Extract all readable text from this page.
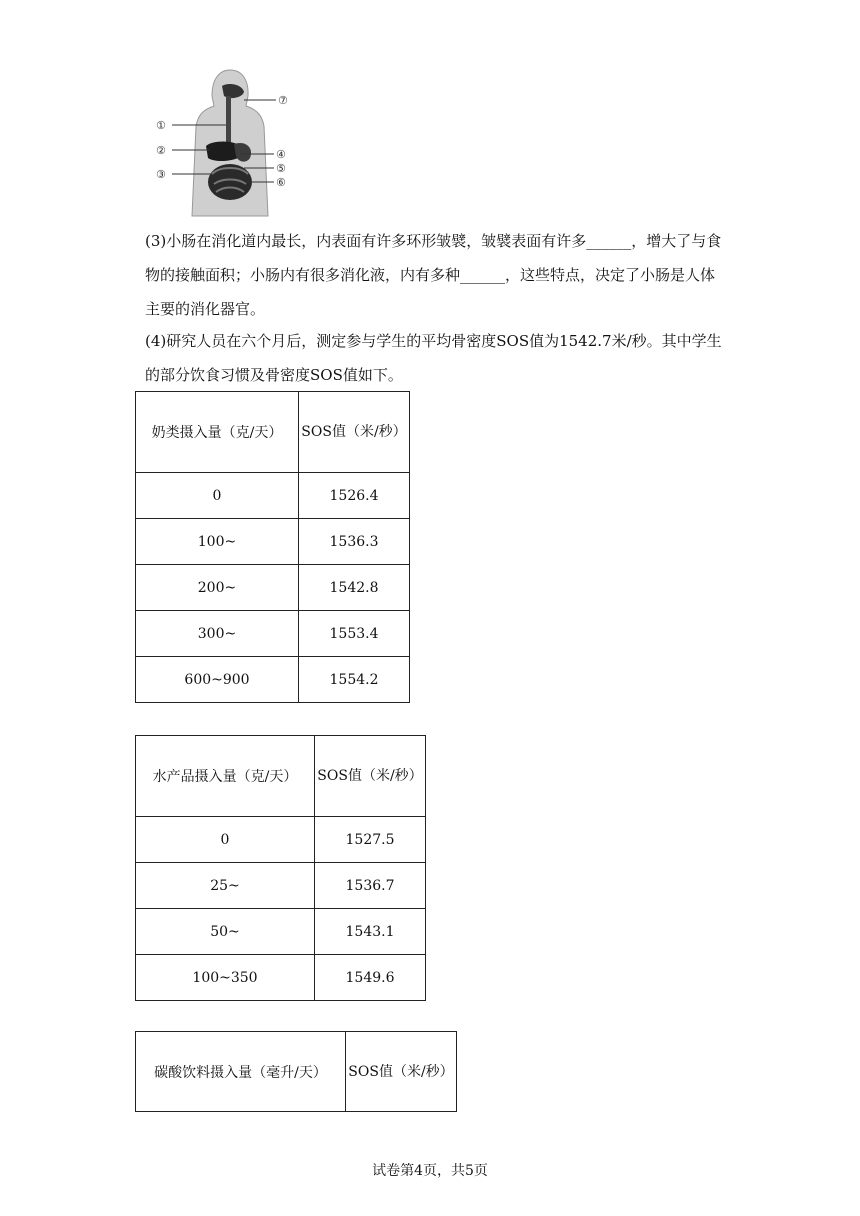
①
②
③
④
⑤
⑥
⑦
(3)小肠在消化道内最长，内表面有许多环形皱襞，皱襞表面有许多______，增大了与食物的接触面积；小肠内有很多消化液，内有多种______，这些特点，决定了小肠是人体主要的消化器官。
(4)研究人员在六个月后，测定参与学生的平均骨密度SOS值为1542.7米/秒。其中学生的部分饮食习惯及骨密度SOS值如下。
奶类摄入量（克/天）	SOS值（米/秒）
0	1526.4
100~	1536.3
200~	1542.8
300~	1553.4
600~900	1554.2
水产品摄入量（克/天）	SOS值（米/秒）
0	1527.5
25~	1536.7
50~	1543.1
100~350	1549.6
碳酸饮料摄入量（毫升/天）	SOS值（米/秒）
试卷第4页，共5页
